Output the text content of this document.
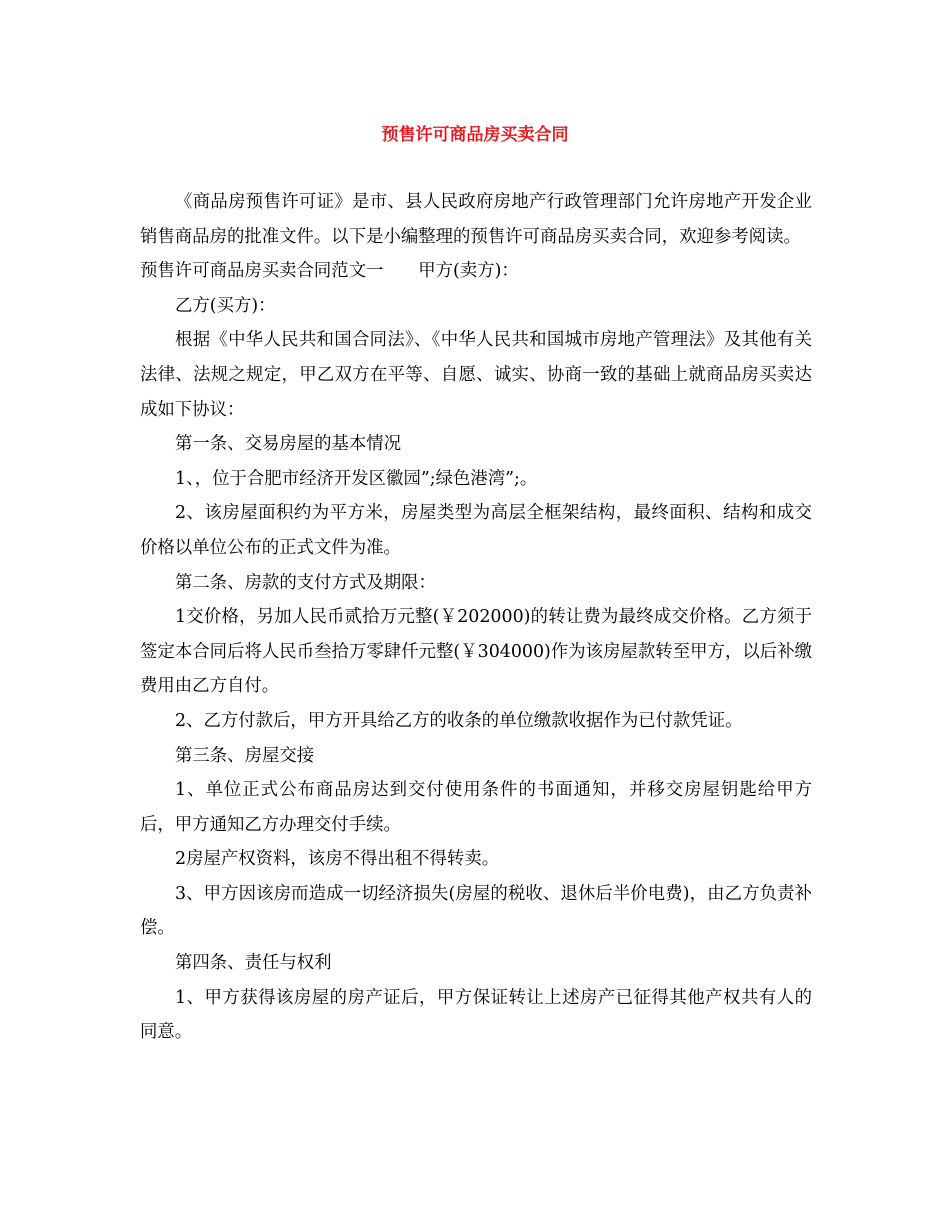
预售许可商品房买卖合同

《商品房预售许可证》是市、县人民政府房地产行政管理部门允许房地产开发企业销售商品房的批准文件。以下是小编整理的预售许可商品房买卖合同，欢迎参考阅读。

预售许可商品房买卖合同范文一　　甲方(卖方)：

乙方(买方)：

根据《中华人民共和国合同法》、《中华人民共和国城市房地产管理法》及其他有关法律、法规之规定，甲乙双方在平等、自愿、诚实、协商一致的基础上就商品房买卖达成如下协议：

第一条、交易房屋的基本情况

1、，位于合肥市经济开发区徽园”;绿色港湾”;。

2、该房屋面积约为平方米，房屋类型为高层全框架结构，最终面积、结构和成交价格以单位公布的正式文件为准。

第二条、房款的支付方式及期限：

1交价格，另加人民币贰拾万元整(￥202000)的转让费为最终成交价格。乙方须于签定本合同后将人民币叁拾万零肆仟元整(￥304000)作为该房屋款转至甲方，以后补缴费用由乙方自付。

2、乙方付款后，甲方开具给乙方的收条的单位缴款收据作为已付款凭证。

第三条、房屋交接

1、单位正式公布商品房达到交付使用条件的书面通知，并移交房屋钥匙给甲方后，甲方通知乙方办理交付手续。

2房屋产权资料，该房不得出租不得转卖。

3、甲方因该房而造成一切经济损失(房屋的税收、退休后半价电费)，由乙方负责补偿。

第四条、责任与权利

1、甲方获得该房屋的房产证后，甲方保证转让上述房产已征得其他产权共有人的同意。
